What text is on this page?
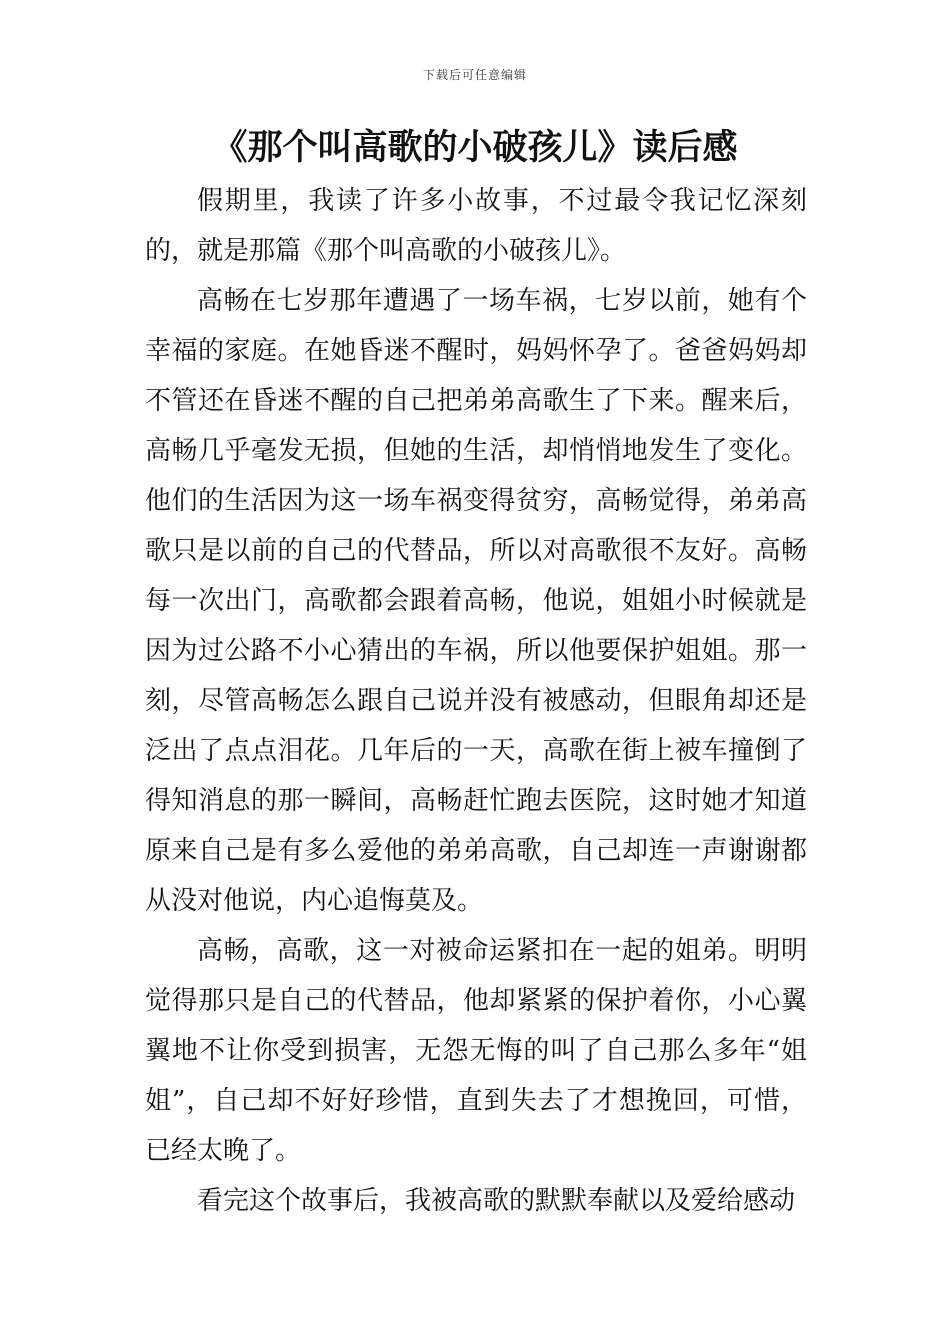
下载后可任意编辑
《那个叫高歌的小破孩儿》读后感

假期里，我读了许多小故事，不过最令我记忆深刻的，就是那篇《那个叫高歌的小破孩儿》。

高畅在七岁那年遭遇了一场车祸，七岁以前，她有个幸福的家庭。在她昏迷不醒时，妈妈怀孕了。爸爸妈妈却不管还在昏迷不醒的自己把弟弟高歌生了下来。醒来后，高畅几乎毫发无损，但她的生活，却悄悄地发生了变化。他们的生活因为这一场车祸变得贫穷，高畅觉得，弟弟高歌只是以前的自己的代替品，所以对高歌很不友好。高畅每一次出门，高歌都会跟着高畅，他说，姐姐小时候就是因为过公路不小心猜出的车祸，所以他要保护姐姐。那一刻，尽管高畅怎么跟自己说并没有被感动，但眼角却还是泛出了点点泪花。几年后的一天，高歌在街上被车撞倒了得知消息的那一瞬间，高畅赶忙跑去医院，这时她才知道原来自己是有多么爱他的弟弟高歌，自己却连一声谢谢都从没对他说，内心追悔莫及。

高畅，高歌，这一对被命运紧扣在一起的姐弟。明明觉得那只是自己的代替品，他却紧紧的保护着你，小心翼翼地不让你受到损害，无怨无悔的叫了自己那么多年“姐姐”，自己却不好好珍惜，直到失去了才想挽回，可惜，已经太晚了。

看完这个故事后，我被高歌的默默奉献以及爱给感动
